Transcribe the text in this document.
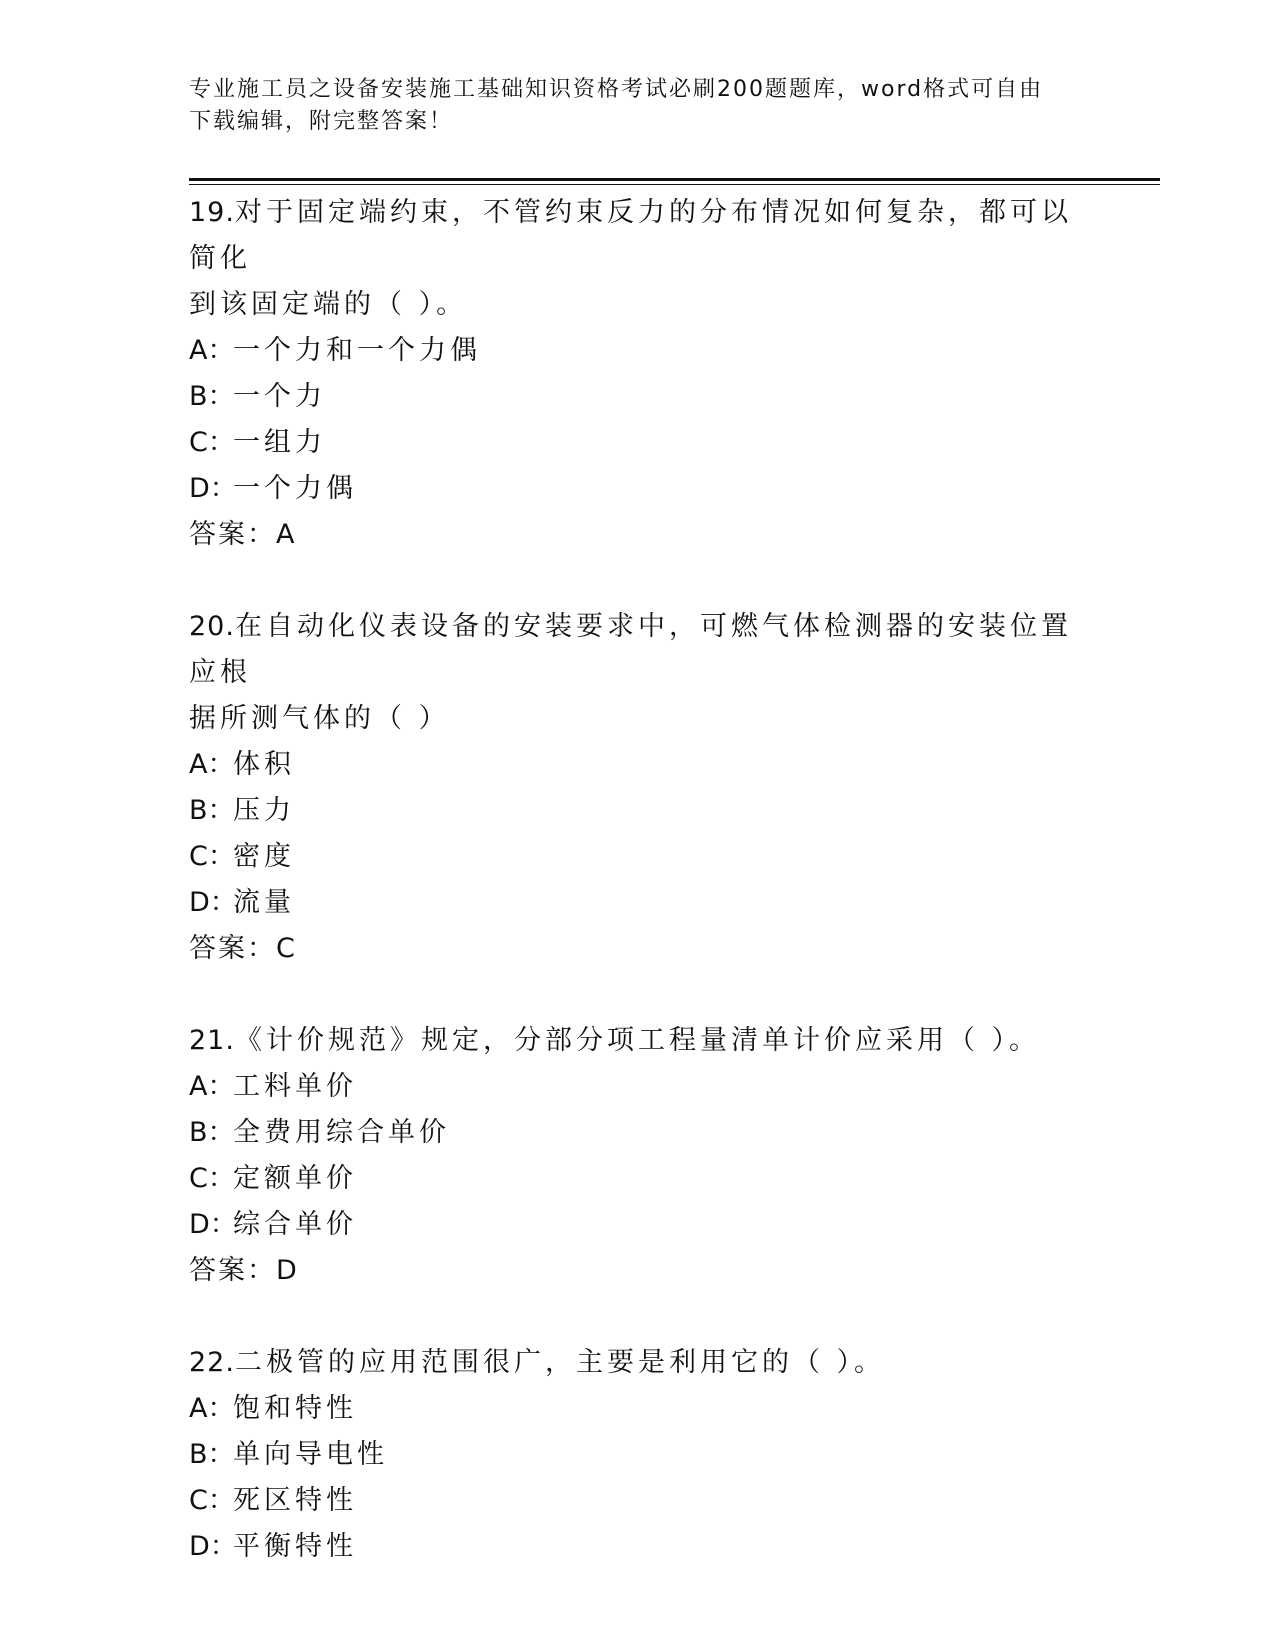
专业施工员之设备安装施工基础知识资格考试必刷200题题库，word格式可自由
下载编辑，附完整答案！
19.对于固定端约束，不管约束反力的分布情况如何复杂，都可以简化
到该固定端的（ ）。
A：一个力和一个力偶
B：一个力
C：一组力
D：一个力偶
答案：A
20.在自动化仪表设备的安装要求中，可燃气体检测器的安装位置应根
据所测气体的（ ）
A：体积
B：压力
C：密度
D：流量
答案：C
21.《计价规范》规定，分部分项工程量清单计价应采用（ ）。
A：工料单价
B：全费用综合单价
C：定额单价
D：综合单价
答案：D
22.二极管的应用范围很广，主要是利用它的（ ）。
A：饱和特性
B：单向导电性
C：死区特性
D：平衡特性
